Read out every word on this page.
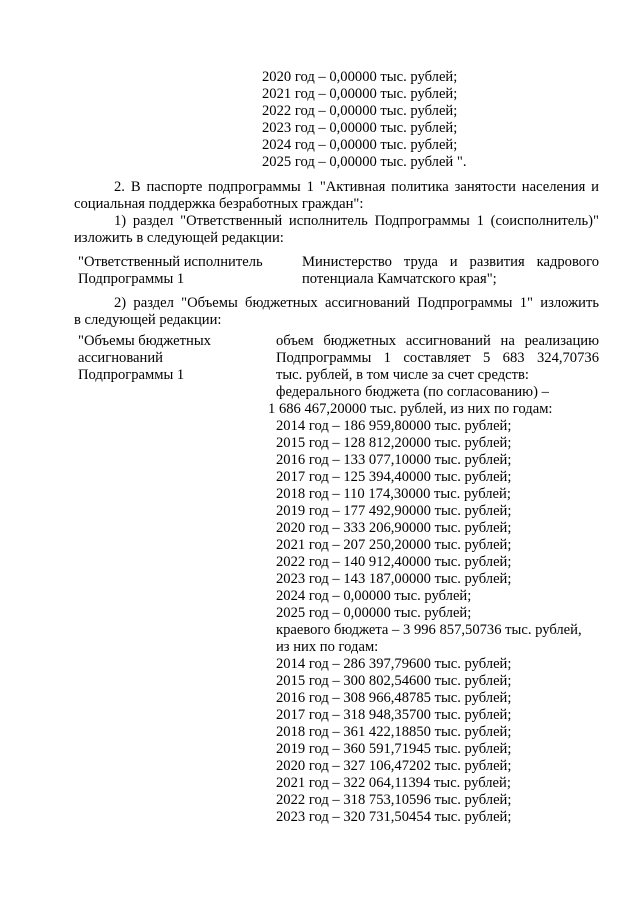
2020 год – 0,00000 тыс. рублей;
2021 год – 0,00000 тыс. рублей;
2022 год – 0,00000 тыс. рублей;
2023 год – 0,00000 тыс. рублей;
2024 год – 0,00000 тыс. рублей;
2025 год – 0,00000 тыс. рублей ".
2. В паспорте подпрограммы 1 "Активная политика занятости населения и
социальная поддержка безработных граждан":
1) раздел "Ответственный исполнитель Подпрограммы 1 (соисполнитель)"
изложить в следующей редакции:
"Ответственный исполнитель
Подпрограммы 1
Министерство труда и развития кадрового
потенциала Камчатского края";
2) раздел "Объемы бюджетных ассигнований Подпрограммы 1" изложить
в следующей редакции:
"Объемы бюджетных
ассигнований
Подпрограммы 1
объем бюджетных ассигнований на реализацию
Подпрограммы 1 составляет 5 683 324,70736
тыс. рублей, в том числе за счет средств:
федерального бюджета (по согласованию) –
1 686 467,20000 тыс. рублей, из них по годам:
2014 год – 186 959,80000 тыс. рублей;
2015 год – 128 812,20000 тыс. рублей;
2016 год – 133 077,10000 тыс. рублей;
2017 год – 125 394,40000 тыс. рублей;
2018 год – 110 174,30000 тыс. рублей;
2019 год – 177 492,90000 тыс. рублей;
2020 год – 333 206,90000 тыс. рублей;
2021 год – 207 250,20000 тыс. рублей;
2022 год – 140 912,40000 тыс. рублей;
2023 год – 143 187,00000 тыс. рублей;
2024 год – 0,00000 тыс. рублей;
2025 год – 0,00000 тыс. рублей;
краевого бюджета – 3 996 857,50736 тыс. рублей,
из них по годам:
2014 год – 286 397,79600 тыс. рублей;
2015 год – 300 802,54600 тыс. рублей;
2016 год – 308 966,48785 тыс. рублей;
2017 год – 318 948,35700 тыс. рублей;
2018 год – 361 422,18850 тыс. рублей;
2019 год – 360 591,71945 тыс. рублей;
2020 год – 327 106,47202 тыс. рублей;
2021 год – 322 064,11394 тыс. рублей;
2022 год – 318 753,10596 тыс. рублей;
2023 год – 320 731,50454 тыс. рублей;
